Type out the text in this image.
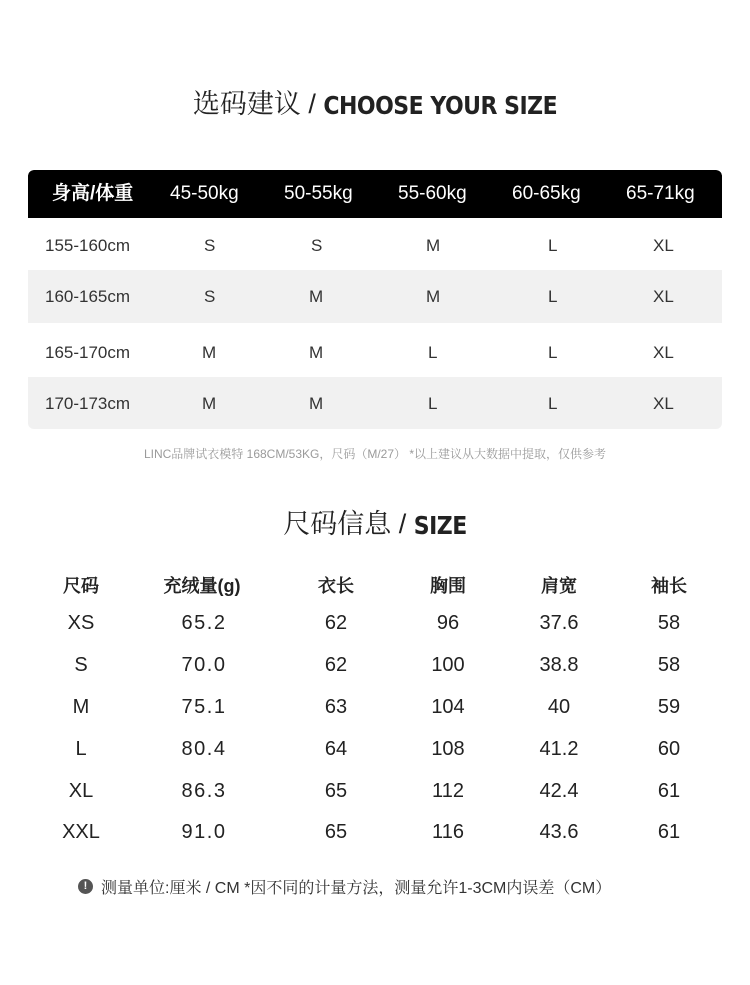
选码建议 / CHOOSE YOUR SIZE
身高/体重 45-50kg 50-55kg 55-60kg 60-65kg 65-71kg
155-160cm	S	S	M	L	XL
160-165cm	S	M	M	L	XL
165-170cm	M	M	L	L	XL
170-173cm	M	M	L	L	XL
LINC品牌试衣模特 168CM/53KG，尺码（M/27） *以上建议从大数据中提取，仅供参考
尺码信息 / SIZE
尺码	充绒量(g)	衣长	胸围	肩宽	袖长
XS	65.2	62	96	37.6	58
S	70.0	62	100	38.8	58
M	75.1	63	104	40	59
L	80.4	64	108	41.2	60
XL	86.3	65	112	42.4	61
XXL	91.0	65	116	43.6	61
! 测量单位:厘米 / CM *因不同的计量方法，测量允许1-3CM内误差（CM）
